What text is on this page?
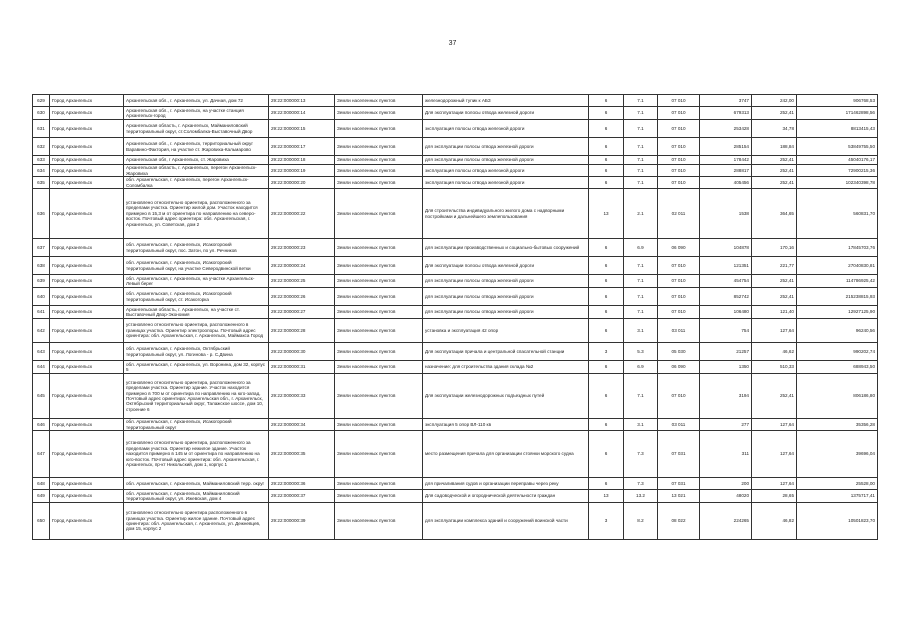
37
629	Город Архангельск	Архангельская обл., г. Архангельск, ул. Дачная, дом 72	29:22:000000:13	Земли населенных пунктов	железнодорожный тупик к АБЗ	6	7.1	07 010	3747	242,00	906768,53
630	Город Архангельск	Архангельская обл., г. Архангельск, на участке станция Архангельск-город	29:22:000000:14	Земли населенных пунктов	Для эксплуатации полосы отвода железной дороги	6	7.1	07 010	679313	252,41	171462898,56
631	Город Архангельск	Архангельская область, г. Архангельск, Майманиловский территориальный округ, ст.Соломбалка-Выставочный Двор	29:22:000000:15	Земли населенных пунктов	эксплуатация полосы отвода железной дороги	6	7.1	07 010	253428	34,78	8813415,43
632	Город Архангельск	Архангельская обл., г. Архангельск, территориальный округ Варавино-Фактория, на участке ст. Жаровиха-Кальмарово	29:22:000000:17	Земли населенных пунктов	для эксплуатации полосы отвода железной дороги	6	7.1	07 010	285154	188,84	53849755,50
633	Город Архангельск	Архангельская обл, г Архангельск, ст. Жаровиха	29:22:000000:18	Земли населенных пунктов	для эксплуатации полосы отвода железной дороги	6	7.1	07 010	178442	252,41	45040176,17
634	Город Архангельск	Архангельская область, г. Архангельск, перегон Архангельск-Жаровиха	29:22:000000:19	Земли населенных пунктов	эксплуатация полосы отвода железной дороги	6	7.1	07 010	288817	252,41	72900215,36
635	Город Архангельск	обл. Архангельская, г. Архангельск, перегон Архангельск-Соломбалка	29:22:000000:20	Земли населенных пунктов	эксплуатация полосы отвода железной дороги	6	7.1	07 010	405456	252,41	102340398,78
636	Город Архангельск	установлено относительно ориентира, расположенного за пределами участка. Ориентир жилой дом. Участок находится примерно в 15,3 м от ориентира по направлению на северо-восток. Почтовый адрес ориентира: обл. Архангельская, г. Архангельск, ул. Советская, дом 2	29:22:000000:22	Земли населенных пунктов	Для строительства индивидуального жилого дома с надворными постройками и дальнейшего землепользования	13	2.1	02 011	1538	364,65	560831,70
637	Город Архангельск	обл. Архангельская, г. Архангельск, Исакогорский территориальный округ, пос. Затон, по ул. Речников	29:22:000000:23	Земли населенных пунктов	для эксплуатации производственных и социально-бытовых сооружений	6	6.9	06 090	104878	170,16	17845703,76
638	Город Архангельск	обл. Архангельская, г. Архангельск, Исакогорский территориальный округ, на участке Северодвинской ветки	29:22:000000:24	Земли населенных пунктов	Для эксплуатации полосы отвода железной дороги	6	7.1	07 010	121351	221,77	27040830,81
639	Город Архангельск	обл. Архангельская, г. Архангельск, на участке Архангельск-Левый берег	29:22:000000:25	Земли населенных пунктов	для эксплуатации полосы отвода железной дороги	6	7.1	07 010	454754	252,41	114786925,42
640	Город Архангельск	обл. Архангельская, г. Архангельск, Исакогорский территориальный округ, ст. Исакогорка	29:22:000000:26	Земли населенных пунктов	для эксплуатации полосы отвода железной дороги	6	7.1	07 010	852742	252,41	215238815,93
641	Город Архангельск	Архангельская область, г. Архангельск, на участке ст. Выставочный Двор-Экономия	29:22:000000:27	Земли населенных пунктов	для эксплуатации полосы отвода железной дороги	6	7.1	07 010	106480	121,40	12927125,90
642	Город Архангельск	установлено относительно ориентира, расположенного в границах участка. Ориентир электроопоры. Почтовый адрес ориентира: обл. Архангельская, г. Архангельск, Маймакса Город	29:22:000000:28	Земли населенных пунктов	установка и эксплуатация 42 опор	6	3.1	03 011	754	127,64	96240,56
643	Город Архангельск	обл. Архангельская, г. Архангельск, Октябрьский территориальный округ, ул. Логинова - р. С.Двина	29:22:000000:30	Земли населенных пунктов	Для эксплуатации причала и центральной спасательной станции	3	5.3	05 030	21257	46,62	990202,74
644	Город Архангельск	обл. Архангельская, г. Архангельск, ул. Воронина, дом 32, корпус 5	29:22:000000:31	Земли населенных пунктов	назначение: для строительства здания склада №2	6	6.9	06 090	1350	510,33	688943,50
645	Город Архангельск	установлено относительно ориентира, расположенного за пределами участка. Ориентир здание. Участок находится примерно в 700 м от ориентира по направлению на юго-запад. Почтовый адрес ориентира: Архангельская обл., г. Архангельск, Октябрьский территориальный округ, Талажское шоссе, дом 10, строение 6	29:22:000000:33	Земли населенных пунктов	Для эксплуатации железнодорожных подъездных путей	6	7.1	07 010	3194	252,41	806186,80
646	Город Архангельск	обл. Архангельская, г. Архангельск, Исакогорский территориальный округ	29:22:000000:34	Земли населенных пунктов	эксплуатация 5 опор ВЛ-110 кв	6	3.1	03 011	277	127,64	35356,28
647	Город Архангельск	установлено относительно ориентира, расположенного за пределами участка. Ориентир нежилое здание. Участок находится примерно в 145 м от ориентира по направлению на юго-восток. Почтовый адрес ориентира: обл. Архангельская, г. Архангельск, пр-кт Никольский, дом 1, корпус 1	29:22:000000:35	Земли населенных пунктов	место размещения причала для организации стоянки морского судна	6	7.3	07 031	311	127,64	39696,04
648	Город Архангельск	обл. Архангельская, г. Архангельск, Майманиловский терр. округ	29:22:000000:36	Земли населенных пунктов	для причаливания судов и организации переправы через реку	6	7.3	07 031	200	127,64	25528,00
649	Город Архангельск	обл. Архангельская, г. Архангельск, Майманиловский территориальный округ, ул. Ижевская, дом 4	29:22:000000:37	Земли населенных пунктов	Для садоводческой и огороднической деятельности граждан	13	13.2	13 021	48020	28,65	1375717,41
650	Город Архангельск	установлено относительно ориентира расположенного в границах участка. Ориентир жилое здание. Почтовый адрес ориентира: обл. Архангельская, г. Архангельск, ул. Дежневцев, дом 15, корпус 2	29:22:000000:39	Земли населенных пунктов	для эксплуатации комплекса зданий и сооружений воинской части	3	8.2	08 022	224265	46,82	10501823,70
